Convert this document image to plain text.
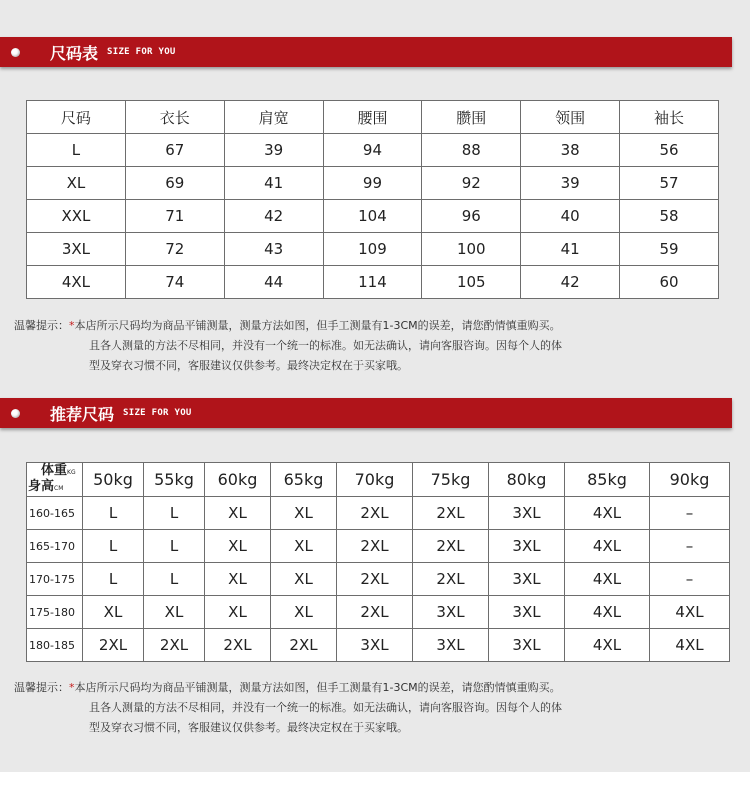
尺码表 SIZE FOR YOU
尺码	衣长	肩宽	腰围	臜围	领围	袖长
L	67	39	94	88	38	56
XL	69	41	99	92	39	57
XXL	71	42	104	96	40	58
3XL	72	43	109	100	41	59
4XL	74	44	114	105	42	60
温馨提示：*本店所示尺码均为商品平铺测量，测量方法如图，但手工测量有1-3CM的误差，请您酌情慎重购买。
且各人测量的方法不尽相同，并没有一个统一的标准。如无法确认，请向客服咨询。因每个人的体
型及穿衣习惯不同，客服建议仅供参考。最终决定权在于买家哦。
推荐尺码 SIZE FOR YOU
体重KG
身高CM	50kg	55kg	60kg	65kg	70kg	75kg	80kg	85kg	90kg
160-165	L	L	XL	XL	2XL	2XL	3XL	4XL	–
165-170	L	L	XL	XL	2XL	2XL	3XL	4XL	–
170-175	L	L	XL	XL	2XL	2XL	3XL	4XL	–
175-180	XL	XL	XL	XL	2XL	3XL	3XL	4XL	4XL
180-185	2XL	2XL	2XL	2XL	3XL	3XL	3XL	4XL	4XL
温馨提示：*本店所示尺码均为商品平铺测量，测量方法如图，但手工测量有1-3CM的误差，请您酌情慎重购买。
且各人测量的方法不尽相同，并没有一个统一的标准。如无法确认，请向客服咨询。因每个人的体
型及穿衣习惯不同，客服建议仅供参考。最终决定权在于买家哦。
